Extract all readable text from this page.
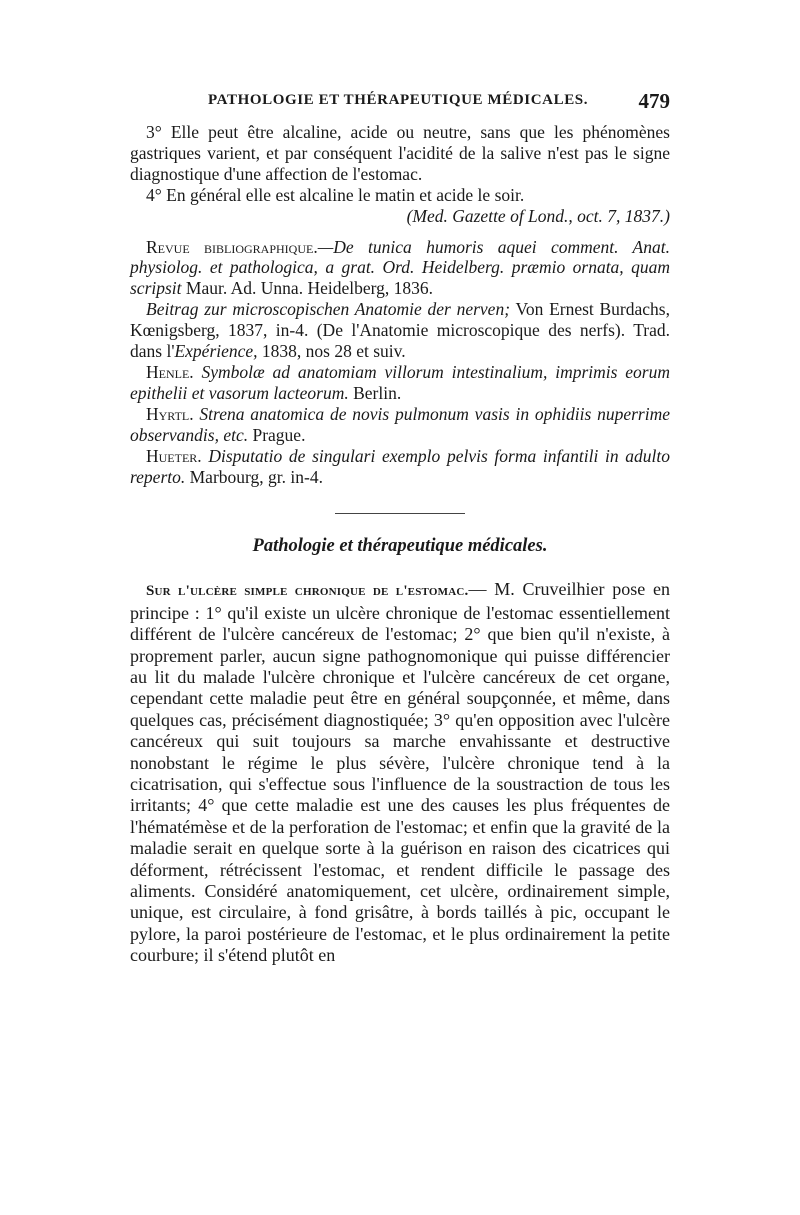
PATHOLOGIE ET THÉRAPEUTIQUE MÉDICALES. 479

3° Elle peut être alcaline, acide ou neutre, sans que les phénomènes gastriques varient, et par conséquent l'acidité de la salive n'est pas le signe diagnostique d'une affection de l'estomac.

4° En général elle est alcaline le matin et acide le soir.

(Med. Gazette of Lond., oct. 7, 1837.)

Revue bibliographique.—De tunica humoris aquei comment. Anat. physiolog. et pathologica, a grat. Ord. Heidelberg. præmio ornata, quam scripsit Maur. Ad. Unna. Heidelberg, 1836.

Beitrag zur microscopischen Anatomie der nerven; Von Ernest Burdachs, Kœnigsberg, 1837, in-4. (De l'Anatomie microscopique des nerfs). Trad. dans l'Expérience, 1838, nos 28 et suiv.

Henle. Symbolæ ad anatomiam villorum intestinalium, imprimis eorum epithelii et vasorum lacteorum. Berlin.

Hyrtl. Strena anatomica de novis pulmonum vasis in ophidiis nuperrime observandis, etc. Prague.

Hueter. Disputatio de singulari exemplo pelvis forma infantili in adulto reperto. Marbourg, gr. in-4.

Pathologie et thérapeutique médicales.

Sur l'ulcère simple chronique de l'estomac.— M. Cruveilhier pose en principe : 1° qu'il existe un ulcère chronique de l'estomac essentiellement différent de l'ulcère cancéreux de l'estomac; 2° que bien qu'il n'existe, à proprement parler, aucun signe pathognomonique qui puisse différencier au lit du malade l'ulcère chronique et l'ulcère cancéreux de cet organe, cependant cette maladie peut être en général soupçonnée, et même, dans quelques cas, précisément diagnostiquée; 3° qu'en opposition avec l'ulcère cancéreux qui suit toujours sa marche envahissante et destructive nonobstant le régime le plus sévère, l'ulcère chronique tend à la cicatrisation, qui s'effectue sous l'influence de la soustraction de tous les irritants; 4° que cette maladie est une des causes les plus fréquentes de l'hématémèse et de la perforation de l'estomac; et enfin que la gravité de la maladie serait en quelque sorte à la guérison en raison des cicatrices qui déforment, rétrécissent l'estomac, et rendent difficile le passage des aliments. Considéré anatomiquement, cet ulcère, ordinairement simple, unique, est circulaire, à fond grisâtre, à bords taillés à pic, occupant le pylore, la paroi postérieure de l'estomac, et le plus ordinairement la petite courbure; il s'étend plutôt en
